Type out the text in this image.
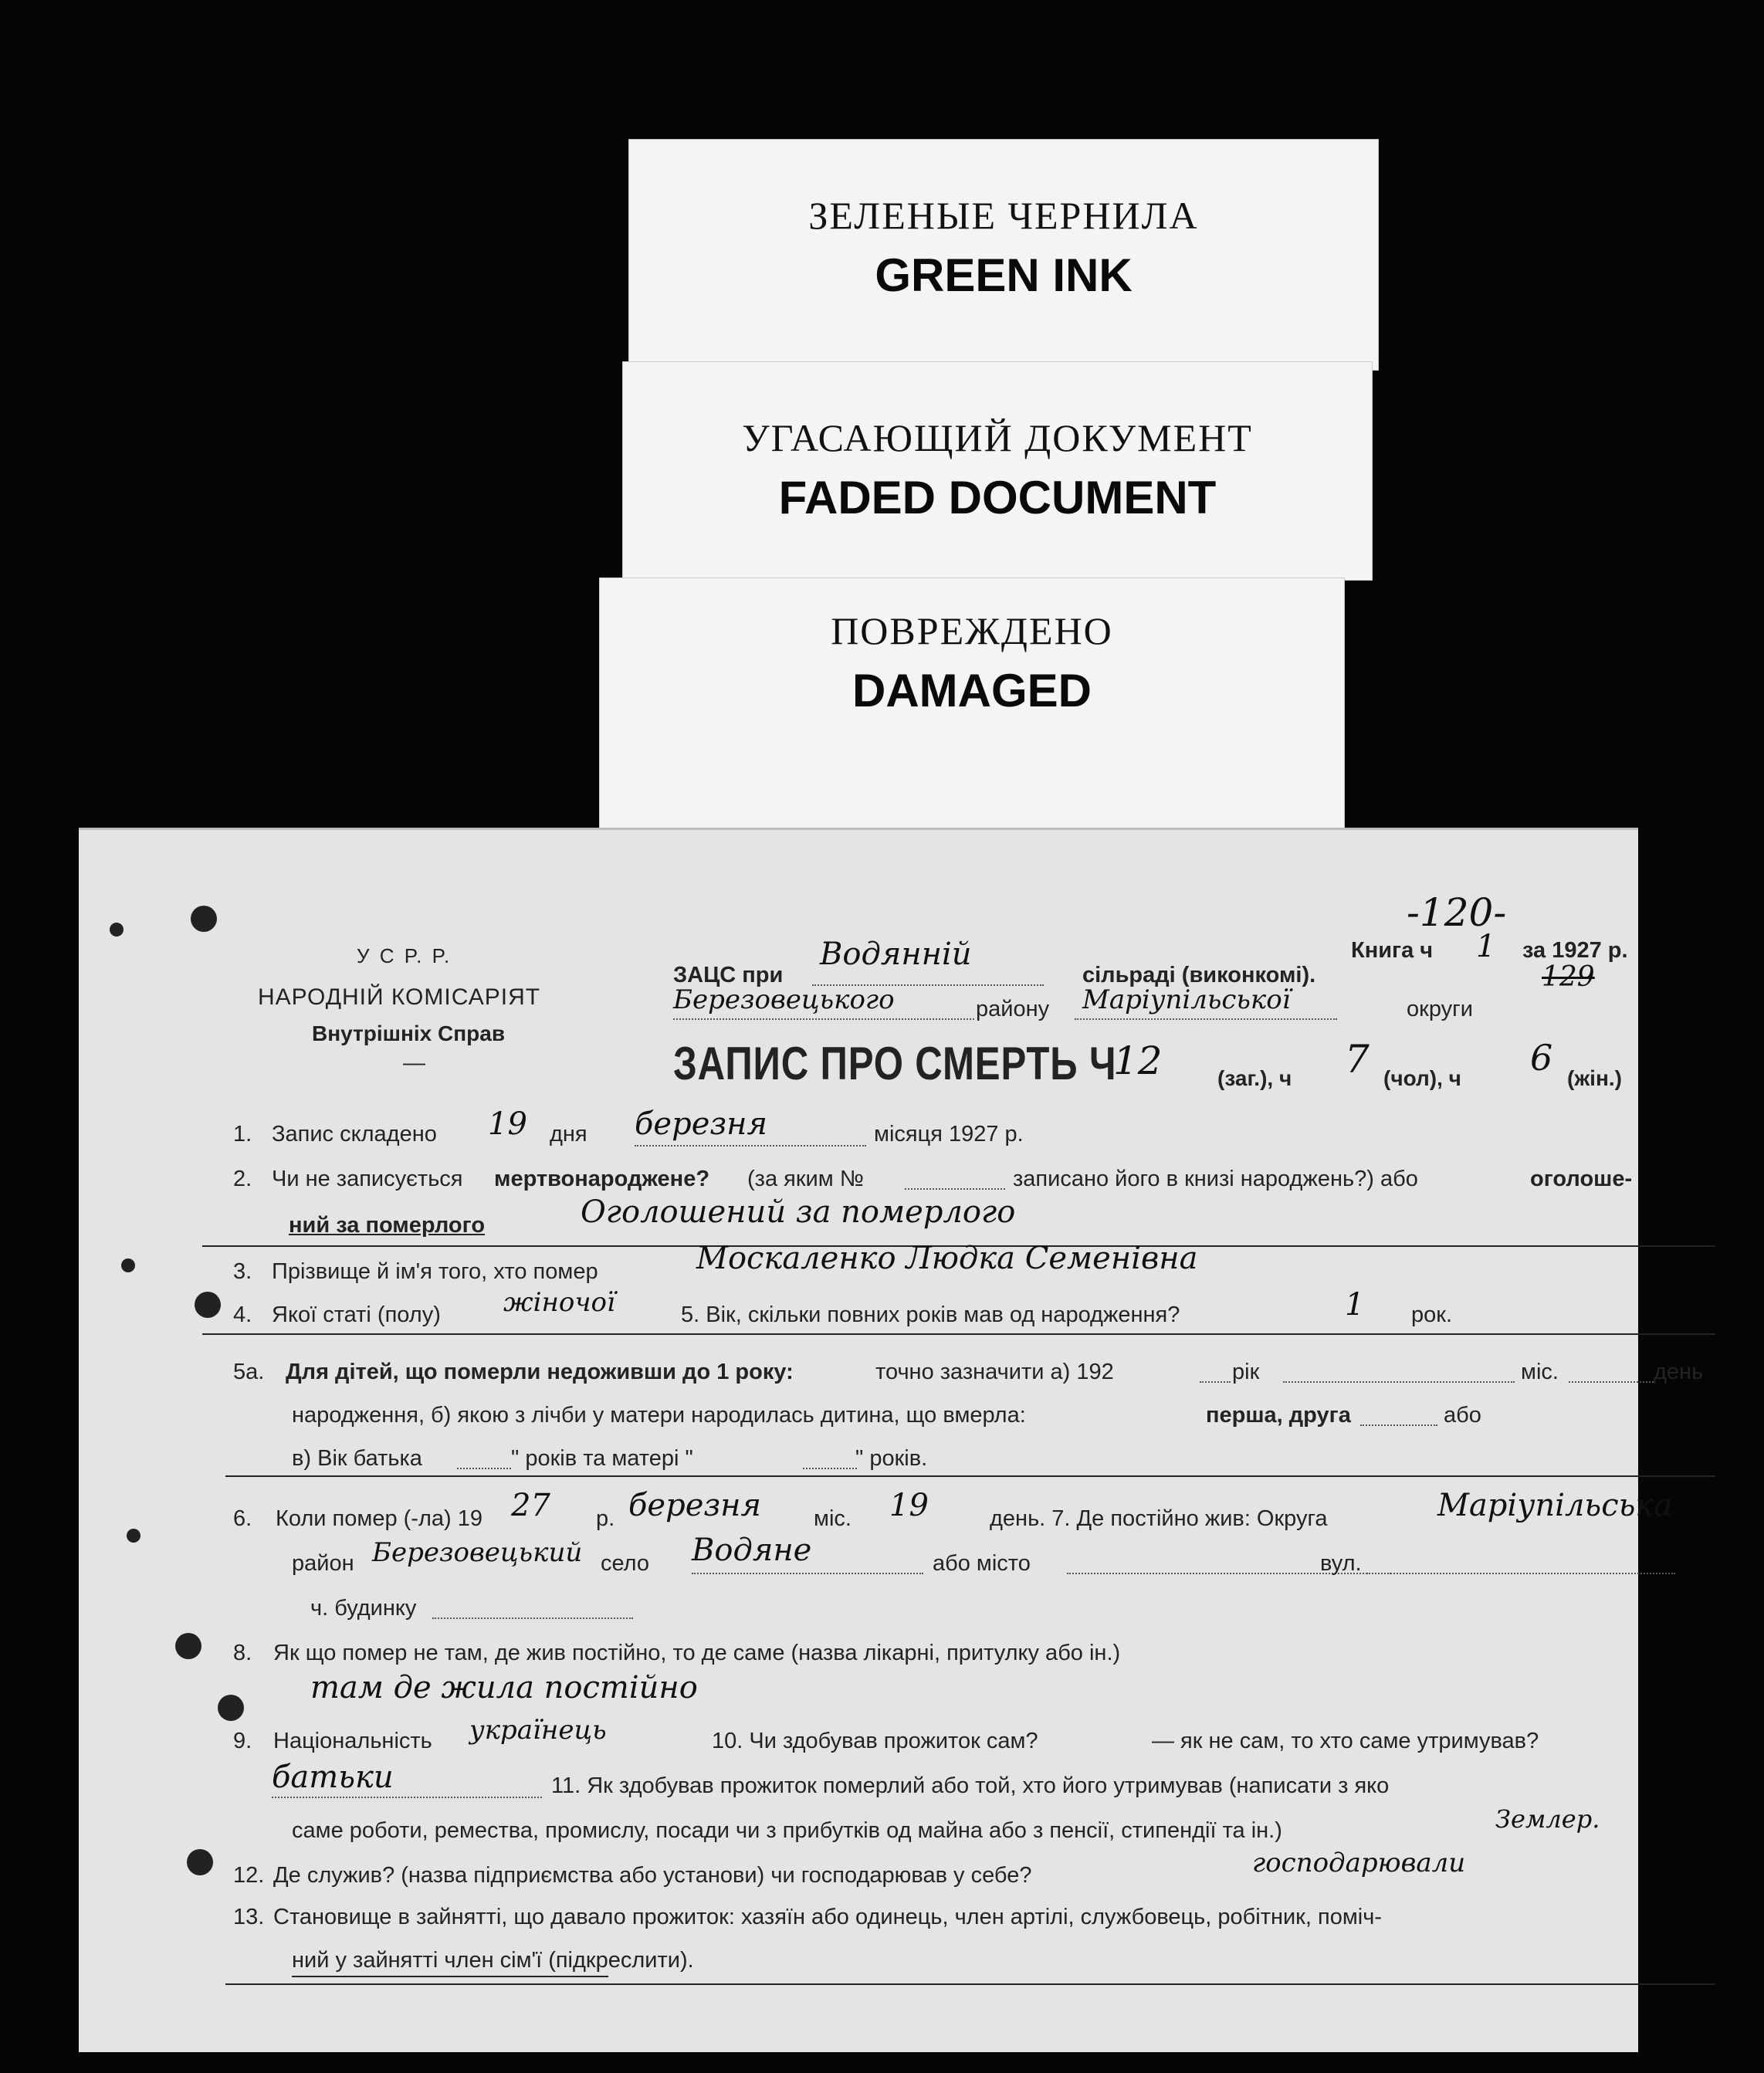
ЗЕЛЕНЫЕ ЧЕРНИЛА
GREEN INK
УГАСАЮЩИЙ ДОКУМЕНТ
FADED DOCUMENT
ПОВРЕЖДЕНО
DAMAGED
-120-
У С Р. Р.
НАРОДНІЙ КОМІСАРІЯТ
Внутрішніх Справ
—
ЗАЦС при
Водянній
сільраді (виконкомі).
Книга ч 1 за 1927 р.
Березовецького	району Маріупільської	округи
129
ЗАПИС ПРО СМЕРТЬ Ч
12	(заг.), ч 7 (чол), ч 6 (жін.)
1. Запис складено 19 дня березня	місяця 1927 р.
2. Чи не записується мертвонароджене? (за яким №	записано його в книзі народжень?) або	оголоше-
ний за померлого	Оголошений за померлого
3. Прізвище й ім'я того, хто помер	Москаленко Людка Семенівна
4. Якої статі (полу) жіночої	5. Вік, скільки повних років мав од народження?	1 рок.
5а. Для дітей, що померли недоживши до 1 року:	точно зазначити а) 192	рік	міс.	день
народження, б) якою з лічби у матери народилась дитина, що вмерла:	перша, друга	або
в) Вік батька	" років та матері "	" років.
6. Коли помер (-ла) 19 27 р. березня міс. 19	день. 7. Де постійно жив: Округа	Маріупільська
район Березовецький село Водяне	або місто	вул.
ч. будинку
8. Як що помер не там, де жив постійно, то де саме (назва лікарні, притулку або ін.)
там де жила постійно
9. Національність українець	10. Чи здобував прожиток сам?	— як не сам, то хто саме утримував?
батьки	11. Як здобував прожиток померлий або той, хто його утримував (написати з яко
саме роботи, ремества, промислу, посади чи з прибутків од майна або з пенсії, стипендії та ін.)	Землер.
12. Де служив? (назва підприємства або установи) чи господарював у себе?	господарювали
13. Становище в зайнятті, що давало прожиток: хазяїн або одинець, член артілі, службовець, робітник, поміч-
ний у зайнятті член сім'ї (підкреслити).
